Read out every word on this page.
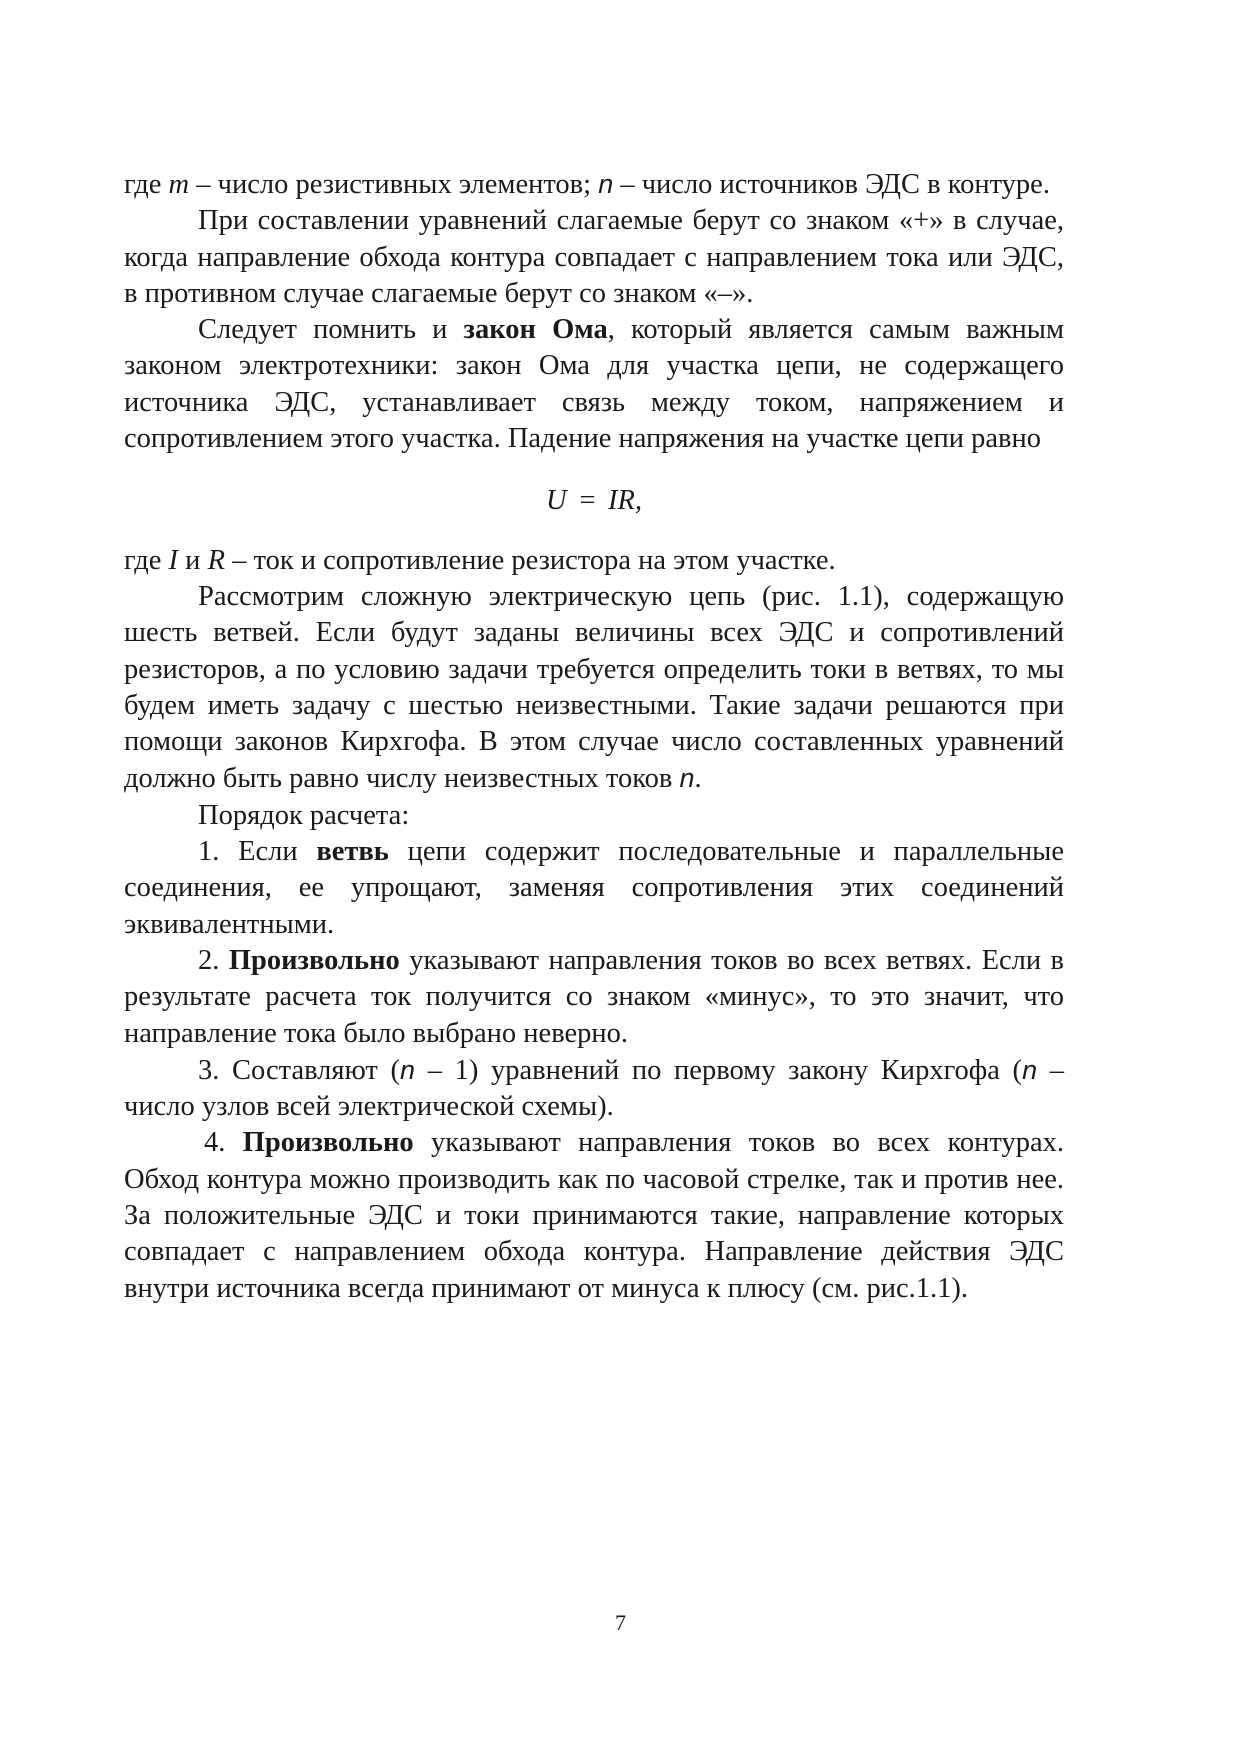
где m – число резистивных элементов; n – число источников ЭДС в контуре.

При составлении уравнений слагаемые берут со знаком «+» в случае, когда направление обхода контура совпадает с направлением тока или ЭДС, в противном случае слагаемые берут со знаком «–».

Следует помнить и закон Ома, который является самым важным законом электротехники: закон Ома для участка цепи, не содержащего источника ЭДС, устанавливает связь между током, напряжением и сопротивлением этого участка. Падение напряжения на участке цепи равно

U = IR,

где I и R – ток и сопротивление резистора на этом участке.

Рассмотрим сложную электрическую цепь (рис. 1.1), содержащую шесть ветвей. Если будут заданы величины всех ЭДС и сопротивлений резисторов, а по условию задачи требуется определить токи в ветвях, то мы будем иметь задачу с шестью неизвестными. Такие задачи решаются при помощи законов Кирхгофа. В этом случае число составленных уравнений должно быть равно числу неизвестных токов n.

Порядок расчета:

1. Если ветвь цепи содержит последовательные и параллельные соединения, ее упрощают, заменяя сопротивления этих соединений эквивалентными.

2. Произвольно указывают направления токов во всех ветвях. Если в результате расчета ток получится со знаком «минус», то это значит, что направление тока было выбрано неверно.

3. Составляют (n – 1) уравнений по первому закону Кирхгофа (n – число узлов всей электрической схемы).

4. Произвольно указывают направления токов во всех контурах. Обход контура можно производить как по часовой стрелке, так и против нее. За положительные ЭДС и токи принимаются такие, направление которых совпадает с направлением обхода контура. Направление действия ЭДС внутри источника всегда принимают от минуса к плюсу (см. рис.1.1).

7
